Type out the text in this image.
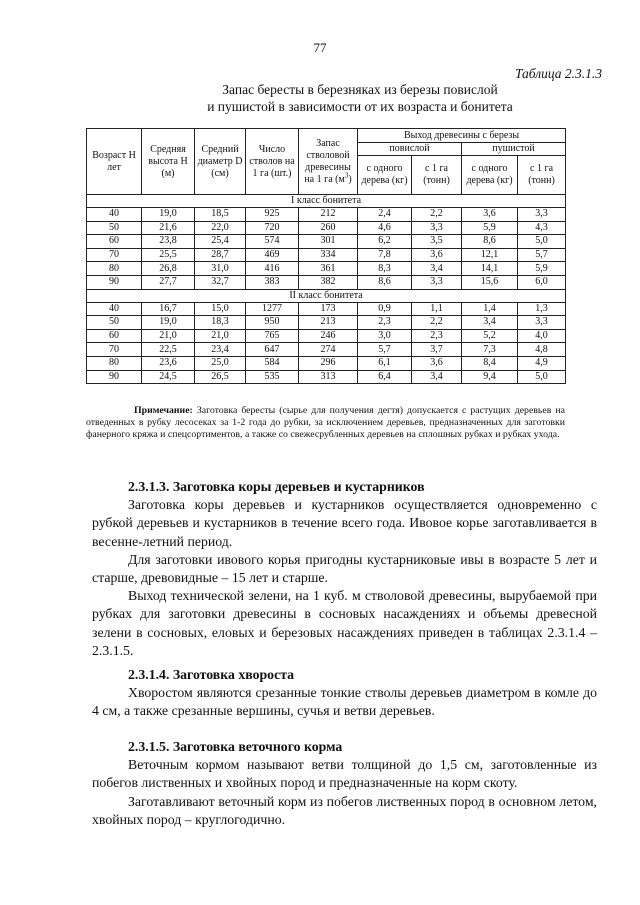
77
Таблица 2.3.1.3
Запас бересты в березняках из березы повислой
и пушистой в зависимости от их возраста и бонитета
Возраст Н лет	Средняя высота Н (м)	Средний диаметр D (см)	Число стволов на 1 га (шт.)	Запас стволовой древесины на 1 га $(м^3)$	Выход древесины с березы			
					повислой		пушистой	
					с одного дерева (кг)	с 1 га (тонн)	с одного дерева (кг)	с 1 га (тонн)
I класс бонитета								
40	19,0	18,5	925	212	2,4	2,2	3,6	3,3
50	21,6	22,0	720	260	4,6	3,3	5,9	4,3
60	23,8	25,4	574	301	6,2	3,5	8,6	5,0
70	25,5	28,7	469	334	7,8	3,6	12,1	5,7
80	26,8	31,0	416	361	8,3	3,4	14,1	5,9
90	27,7	32,7	383	382	8,6	3,3	15,6	6,0
II класс бонитета								
40	16,7	15,0	1277	173	0,9	1,1	1,4	1,3
50	19,0	18,3	950	213	2,3	2,2	3,4	3,3
60	21,0	21,0	765	246	3,0	2,3	5,2	4,0
70	22,5	23,4	647	274	5,7	3,7	7,3	4,8
80	23,6	25,0	584	296	6,1	3,6	8,4	4,9
90	24,5	26,5	535	313	6,4	3,4	9,4	5,0
Примечание: Заготовка бересты (сырье для получения дегтя) допускается с растущих деревьев на отведенных в рубку лесосеках за 1-2 года до рубки, за исключением деревьев, предназначенных для заготовки фанерного кряжа и спецсортиментов, а также со свежесрубленных деревьев на сплошных рубках и рубках ухода.
2.3.1.3. Заготовка коры деревьев и кустарников

Заготовка коры деревьев и кустарников осуществляется одновременно с рубкой деревьев и кустарников в течение всего года. Ивовое корье заготавливается в весенне-летний период.

Для заготовки ивового корья пригодны кустарниковые ивы в возрасте 5 лет и старше, древовидные – 15 лет и старше.

Выход технической зелени, на 1 куб. м стволовой древесины, вырубаемой при рубках для заготовки древесины в сосновых насаждениях и объемы древесной зелени в сосновых, еловых и березовых насаждениях приведен в таблицах 2.3.1.4 – 2.3.1.5.

2.3.1.4. Заготовка хвороста

Хворостом являются срезанные тонкие стволы деревьев диаметром в комле до 4 см, а также срезанные вершины, сучья и ветви деревьев.

2.3.1.5. Заготовка веточного корма

Веточным кормом называют ветви толщиной до 1,5 см, заготовленные из побегов лиственных и хвойных пород и предназначенные на корм скоту.

Заготавливают веточный корм из побегов лиственных пород в основном летом, хвойных пород – круглогодично.
